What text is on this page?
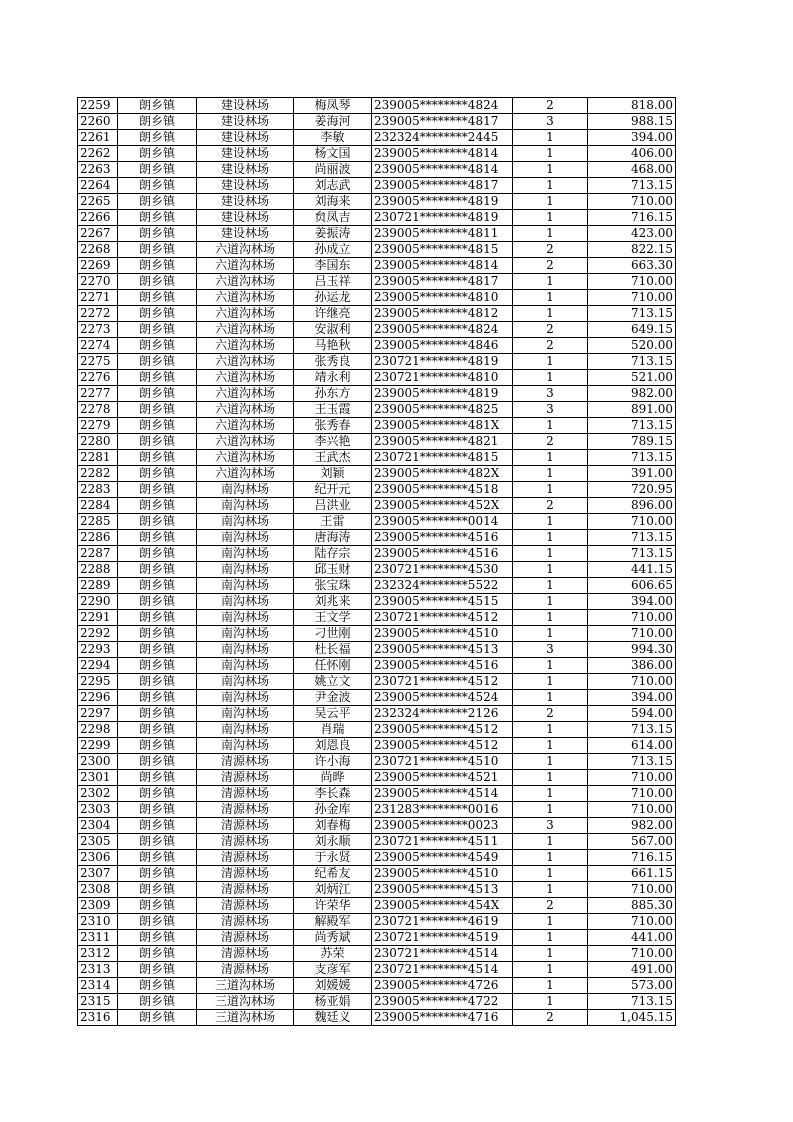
2259	朗乡镇	建设林场	梅凤琴	239005********4824	2	818.00
2260	朗乡镇	建设林场	姜海河	239005********4817	3	988.15
2261	朗乡镇	建设林场	李敏	232324********2445	1	394.00
2262	朗乡镇	建设林场	杨文国	239005********4814	1	406.00
2263	朗乡镇	建设林场	尚丽波	239005********4814	1	468.00
2264	朗乡镇	建设林场	刘志武	239005********4817	1	713.15
2265	朗乡镇	建设林场	刘海来	239005********4819	1	710.00
2266	朗乡镇	建设林场	贠凤吉	230721********4819	1	716.15
2267	朗乡镇	建设林场	姜振涛	239005********4811	1	423.00
2268	朗乡镇	六道沟林场	孙成立	239005********4815	2	822.15
2269	朗乡镇	六道沟林场	李国东	239005********4814	2	663.30
2270	朗乡镇	六道沟林场	吕玉祥	239005********4817	1	710.00
2271	朗乡镇	六道沟林场	孙运龙	239005********4810	1	710.00
2272	朗乡镇	六道沟林场	许继亮	239005********4812	1	713.15
2273	朗乡镇	六道沟林场	安淑利	239005********4824	2	649.15
2274	朗乡镇	六道沟林场	马艳秋	239005********4846	2	520.00
2275	朗乡镇	六道沟林场	张秀良	230721********4819	1	713.15
2276	朗乡镇	六道沟林场	靖永利	230721********4810	1	521.00
2277	朗乡镇	六道沟林场	孙东方	239005********4819	3	982.00
2278	朗乡镇	六道沟林场	王玉霞	239005********4825	3	891.00
2279	朗乡镇	六道沟林场	张秀春	239005********481X	1	713.15
2280	朗乡镇	六道沟林场	李兴艳	239005********4821	2	789.15
2281	朗乡镇	六道沟林场	王武杰	230721********4815	1	713.15
2282	朗乡镇	六道沟林场	刘颖	239005********482X	1	391.00
2283	朗乡镇	南沟林场	纪开元	239005********4518	1	720.95
2284	朗乡镇	南沟林场	吕洪业	239005********452X	2	896.00
2285	朗乡镇	南沟林场	王雷	239005********0014	1	710.00
2286	朗乡镇	南沟林场	唐海涛	239005********4516	1	713.15
2287	朗乡镇	南沟林场	陆存宗	239005********4516	1	713.15
2288	朗乡镇	南沟林场	邱玉财	230721********4530	1	441.15
2289	朗乡镇	南沟林场	张宝珠	232324********5522	1	606.65
2290	朗乡镇	南沟林场	刘兆来	239005********4515	1	394.00
2291	朗乡镇	南沟林场	王文学	230721********4512	1	710.00
2292	朗乡镇	南沟林场	刁世刚	239005********4510	1	710.00
2293	朗乡镇	南沟林场	杜长福	239005********4513	3	994.30
2294	朗乡镇	南沟林场	任怀刚	239005********4516	1	386.00
2295	朗乡镇	南沟林场	姚立文	230721********4512	1	710.00
2296	朗乡镇	南沟林场	尹金波	239005********4524	1	394.00
2297	朗乡镇	南沟林场	吴云平	232324********2126	2	594.00
2298	朗乡镇	南沟林场	肖瑞	239005********4512	1	713.15
2299	朗乡镇	南沟林场	刘恩良	239005********4512	1	614.00
2300	朗乡镇	清源林场	许小海	230721********4510	1	713.15
2301	朗乡镇	清源林场	尚晔	239005********4521	1	710.00
2302	朗乡镇	清源林场	李长森	239005********4514	1	710.00
2303	朗乡镇	清源林场	孙金库	231283********0016	1	710.00
2304	朗乡镇	清源林场	刘春梅	239005********0023	3	982.00
2305	朗乡镇	清源林场	刘永顺	230721********4511	1	567.00
2306	朗乡镇	清源林场	于永贤	239005********4549	1	716.15
2307	朗乡镇	清源林场	纪希友	239005********4510	1	661.15
2308	朗乡镇	清源林场	刘炳江	239005********4513	1	710.00
2309	朗乡镇	清源林场	许荣华	239005********454X	2	885.30
2310	朗乡镇	清源林场	解殿军	230721********4619	1	710.00
2311	朗乡镇	清源林场	尚秀斌	230721********4519	1	441.00
2312	朗乡镇	清源林场	苏荣	230721********4514	1	710.00
2313	朗乡镇	清源林场	支彦军	230721********4514	1	491.00
2314	朗乡镇	三道沟林场	刘媛媛	239005********4726	1	573.00
2315	朗乡镇	三道沟林场	杨亚娟	239005********4722	1	713.15
2316	朗乡镇	三道沟林场	魏廷义	239005********4716	2	1,045.15
